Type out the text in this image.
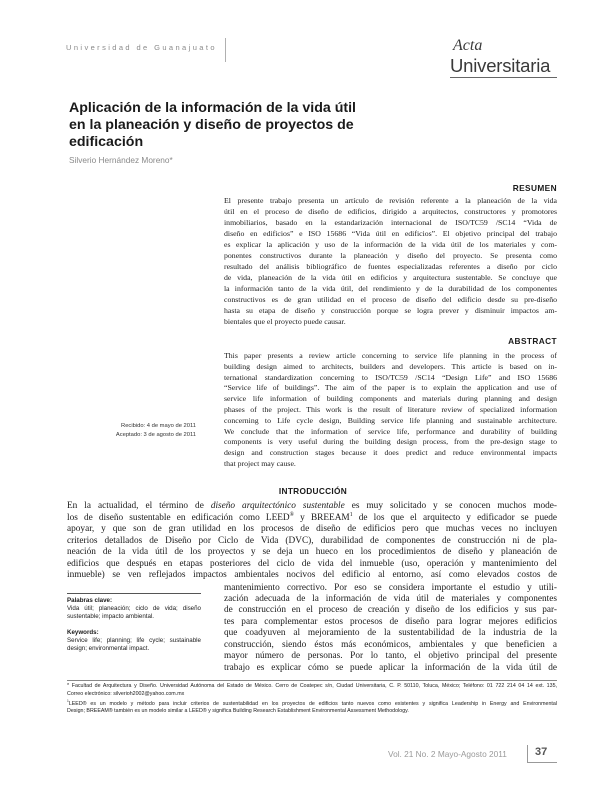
Universidad de Guanajuato	Acta
Universitaria
Aplicación de la información de la vida útil
en la planeación y diseño de proyectos de
edificación
Silverio Hernández Moreno*
RESUMEN
El presente trabajo presenta un artículo de revisión referente a la planeación de la vida
útil en el proceso de diseño de edificios, dirigido a arquitectos, constructores y promotores
inmobiliarios, basado en la estandarización internacional de ISO/TC59 /SC14 “Vida de
diseño en edificios” e ISO 15686 “Vida útil en edificios”. El objetivo principal del trabajo
es explicar la aplicación y uso de la información de la vida útil de los materiales y com-
ponentes constructivos durante la planeación y diseño del proyecto. Se presenta como
resultado del análisis bibliográfico de fuentes especializadas referentes a diseño por ciclo
de vida, planeación de la vida útil en edificios y arquitectura sustentable. Se concluye que
la información tanto de la vida útil, del rendimiento y de la durabilidad de los componentes
constructivos es de gran utilidad en el proceso de diseño del edificio desde su pre-diseño
hasta su etapa de diseño y construcción porque se logra prever y disminuir impactos am-
bientales que el proyecto puede causar.
ABSTRACT
This paper presents a review article concerning to service life planning in the process of
building design aimed to architects, builders and developers. This article is based on in-
ternational standardization concerning to ISO/TC59 /SC14 “Design Life” and ISO 15686
“Service life of buildings”. The aim of the paper is to explain the application and use of
service life information of building components and materials during planning and design
phases of the project. This work is the result of literature review of specialized information
concerning to Life cycle design, Building service life planning and sustainable architecture.
We conclude that the information of service life, performance and durability of building
components is very useful during the building design process, from the pre-design stage to
design and construction stages because it does predict and reduce environmental impacts
that project may cause.
Recibido: 4 de mayo de 2011
Aceptado: 3 de agosto de 2011
INTRODUCCIÓN
En la actualidad, el término de diseño arquitectónico sustentable es muy solicitado y se conocen muchos mode-
los de diseño sustentable en edificación como LEED® y BREEAM$^1$ de los que el arquitecto y edificador se puede
apoyar, y que son de gran utilidad en los procesos de diseño de edificios pero que muchas veces no incluyen
criterios detallados de Diseño por Ciclo de Vida (DVC), durabilidad de componentes de construcción ni de pla-
neación de la vida útil de los proyectos y se deja un hueco en los procedimientos de diseño y planeación de
edificios que después en etapas posteriores del ciclo de vida del inmueble (uso, operación y mantenimiento del
inmueble) se ven reflejados impactos ambientales nocivos del edificio al entorno, así como elevados costos de
mantenimiento correctivo. Por eso se considera importante el estudio y utili-
zación adecuada de la información de vida útil de materiales y componentes
de construcción en el proceso de creación y diseño de los edificios y sus par-
tes para complementar estos procesos de diseño para lograr mejores edificios
que coadyuven al mejoramiento de la sustentabilidad de la industria de la
construcción, siendo éstos más económicos, ambientales y que beneficien a
mayor número de personas. Por lo tanto, el objetivo principal del presente
trabajo es explicar cómo se puede aplicar la información de la vida útil de
Palabras clave:
Vida útil; planeación; ciclo de vida; diseño
sustentable; impacto ambiental.
Keywords:
Service life; planning; life cycle; sustainable
design; environmental impact.
* Facultad de Arquitectura y Diseño. Universidad Autónoma del Estado de México. Cerro de Coatepec s/n, Ciudad Universitaria, C. P. 50110, Toluca, México; Teléfono: 01 722 214 04 14 ext. 135,
Correo electrónico: silverioh2002@yahoo.com.mx
$^1$LEED® es un modelo y método para incluir criterios de sustentabilidad en los proyectos de edificios tanto nuevos como existentes y significa Leadership in Energy and Environmental
Design; BREEAM® también es un modelo similar a LEED® y significa Building Research Establishment Environmental Assessment Methodology.
Vol. 21 No. 2 Mayo-Agosto 2011	37
